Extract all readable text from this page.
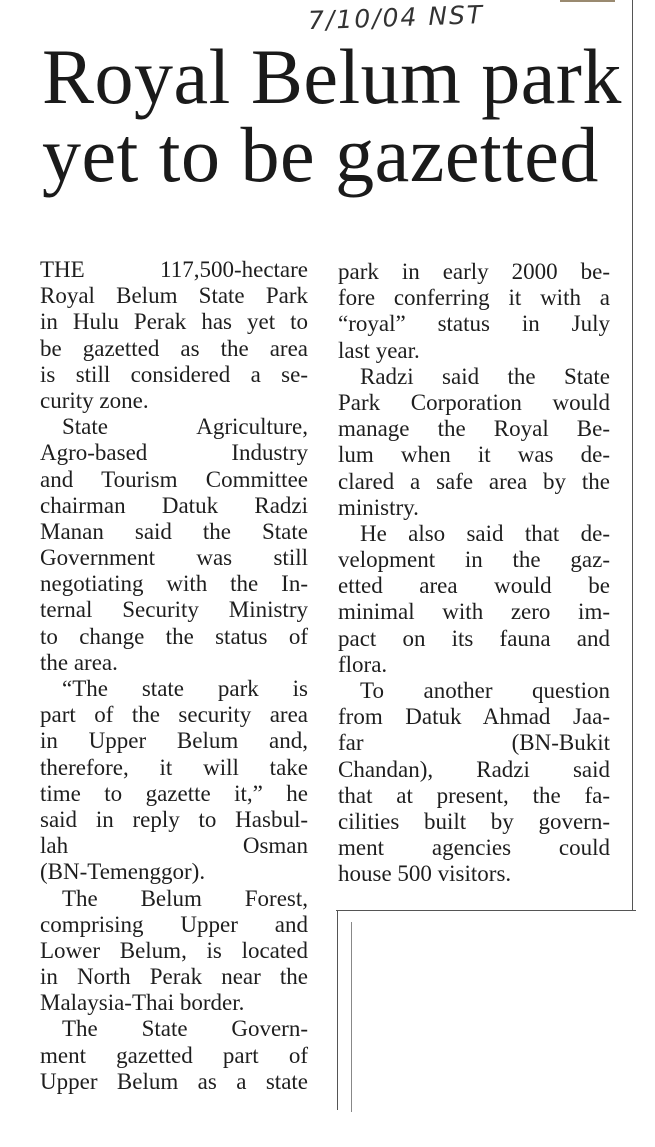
7/10/04 NST
Royal Belum park
yet to be gazetted
THE 117,500-hectare
Royal Belum State Park
in Hulu Perak has yet to
be gazetted as the area
is still considered a se-
curity zone.
State Agriculture,
Agro-based Industry
and Tourism Committee
chairman Datuk Radzi
Manan said the State
Government was still
negotiating with the In-
ternal Security Ministry
to change the status of
the area.
“The state park is
part of the security area
in Upper Belum and,
therefore, it will take
time to gazette it,” he
said in reply to Hasbul-
lah Osman
(BN-Temenggor).
The Belum Forest,
comprising Upper and
Lower Belum, is located
in North Perak near the
Malaysia-Thai border.
The State Govern-
ment gazetted part of
Upper Belum as a state
park in early 2000 be-
fore conferring it with a
“royal” status in July
last year.
Radzi said the State
Park Corporation would
manage the Royal Be-
lum when it was de-
clared a safe area by the
ministry.
He also said that de-
velopment in the gaz-
etted area would be
minimal with zero im-
pact on its fauna and
flora.
To another question
from Datuk Ahmad Jaa-
far (BN-Bukit
Chandan), Radzi said
that at present, the fa-
cilities built by govern-
ment agencies could
house 500 visitors.
